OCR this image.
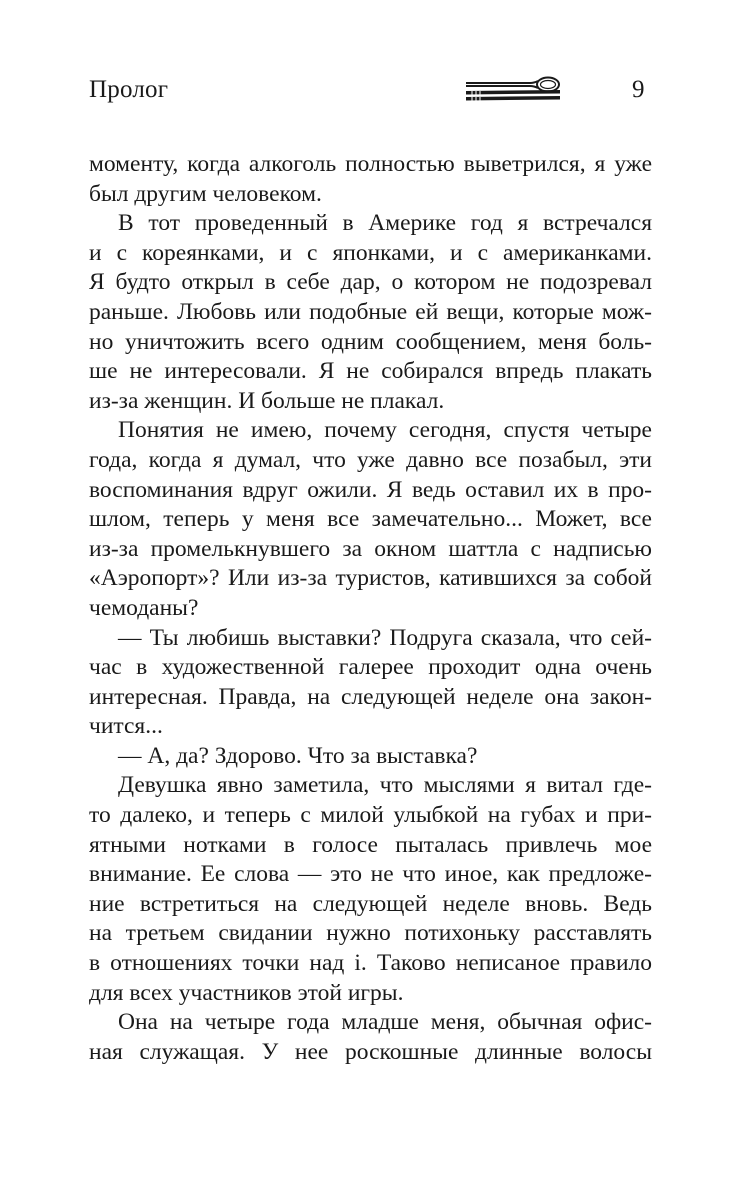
Пролог	9
моменту, когда алкоголь полностью выветрился, я уже
был другим человеком.
В тот проведенный в Америке год я встречался
и с кореянками, и с японками, и с американками.
Я будто открыл в себе дар, о котором не подозревал
раньше. Любовь или подобные ей вещи, которые мож-
но уничтожить всего одним сообщением, меня боль-
ше не интересовали. Я не собирался впредь плакать
из-за женщин. И больше не плакал.
Понятия не имею, почему сегодня, спустя четыре
года, когда я думал, что уже давно все позабыл, эти
воспоминания вдруг ожили. Я ведь оставил их в про-
шлом, теперь у меня все замечательно... Может, все
из-за промелькнувшего за окном шаттла с надписью
«Аэропорт»? Или из-за туристов, катившихся за собой
чемоданы?
— Ты любишь выставки? Подруга сказала, что сей-
час в художественной галерее проходит одна очень
интересная. Правда, на следующей неделе она закон-
чится...
— А, да? Здорово. Что за выставка?
Девушка явно заметила, что мыслями я витал где-
то далеко, и теперь с милой улыбкой на губах и при-
ятными нотками в голосе пыталась привлечь мое
внимание. Ее слова — это не что иное, как предложе-
ние встретиться на следующей неделе вновь. Ведь
на третьем свидании нужно потихоньку расставлять
в отношениях точки над i. Таково неписаное правило
для всех участников этой игры.
Она на четыре года младше меня, обычная офис-
ная служащая. У нее роскошные длинные волосы
